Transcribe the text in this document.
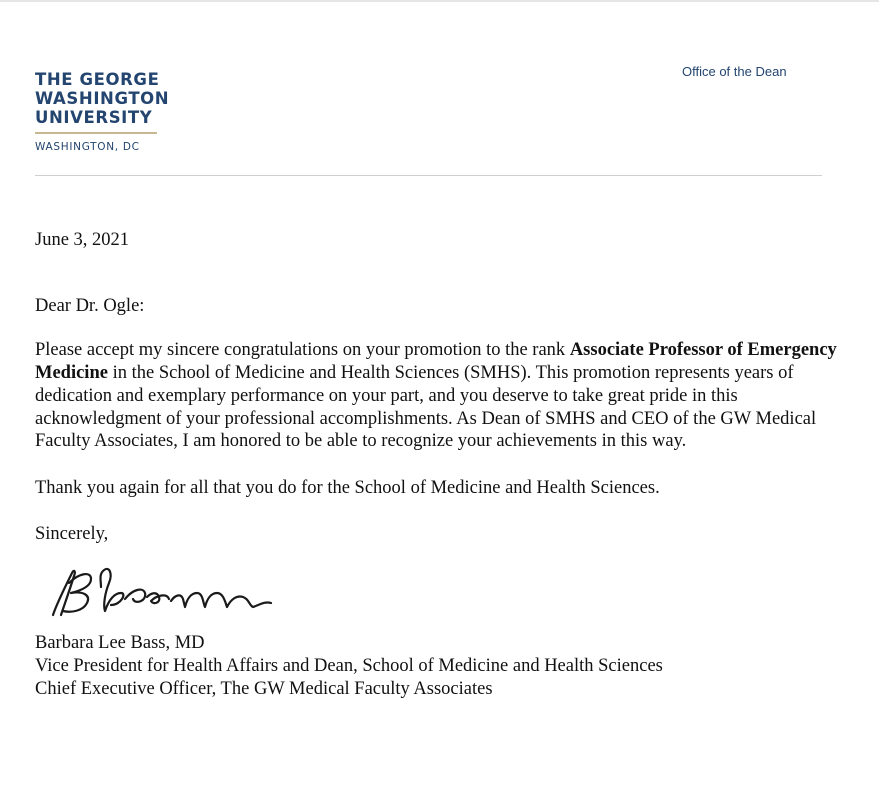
THE GEORGE
WASHINGTON
UNIVERSITY
WASHINGTON, DC
Office of the Dean

June 3, 2021

Dear Dr. Ogle:

Please accept my sincere congratulations on your promotion to the rank Associate Professor of Emergency Medicine in the School of Medicine and Health Sciences (SMHS). This promotion represents years of dedication and exemplary performance on your part, and you deserve to take great pride in this acknowledgment of your professional accomplishments. As Dean of SMHS and CEO of the GW Medical Faculty Associates, I am honored to be able to recognize your achievements in this way.

Thank you again for all that you do for the School of Medicine and Health Sciences.

Sincerely,

Barbara Lee Bass, MD

Vice President for Health Affairs and Dean, School of Medicine and Health Sciences

Chief Executive Officer, The GW Medical Faculty Associates
